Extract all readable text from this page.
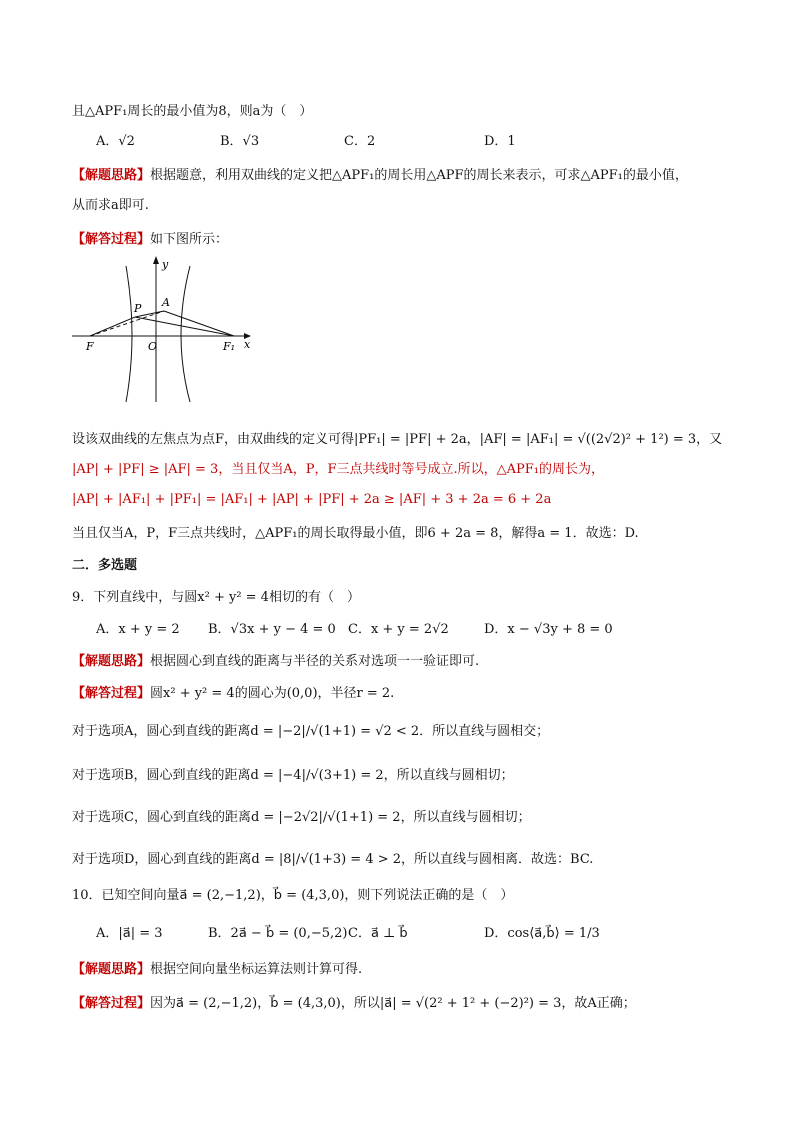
且△APF₁周长的最小值为8，则a为（　）
A．√2	B．√3	C．2	D．1
【解题思路】根据题意，利用双曲线的定义把△APF₁的周长用△APF的周长来表示，可求△APF₁的最小值，
从而求a即可.
【解答过程】如下图所示：
y
x
P A
F	O	F₁
设该双曲线的左焦点为点F，由双曲线的定义可得|PF₁| = |PF| + 2a，|AF| = |AF₁| = √((2√2)² + 1²) = 3，又
|AP| + |PF| ≥ |AF| = 3，当且仅当A，P，F三点共线时等号成立.所以，△APF₁的周长为，
|AP| + |AF₁| + |PF₁| = |AF₁| + |AP| + |PF| + 2a ≥ |AF| + 3 + 2a = 6 + 2a
当且仅当A，P，F三点共线时，△APF₁的周长取得最小值，即6 + 2a = 8，解得a = 1．故选：D.
二．多选题
9．下列直线中，与圆x² + y² = 4相切的有（　）
A．x + y = 2 B．√3x + y − 4 = 0 C．x + y = 2√2	D．x − √3y + 8 = 0
【解题思路】根据圆心到直线的距离与半径的关系对选项一一验证即可.
【解答过程】圆x² + y² = 4的圆心为(0,0)，半径r = 2.
对于选项A，圆心到直线的距离d = |−2|/√(1+1) = √2 < 2．所以直线与圆相交；
对于选项B，圆心到直线的距离d = |−4|/√(3+1) = 2，所以直线与圆相切；
对于选项C，圆心到直线的距离d = |−2√2|/√(1+1) = 2，所以直线与圆相切；
对于选项D，圆心到直线的距离d = |8|/√(1+3) = 4 > 2，所以直线与圆相离．故选：BC.
10．已知空间向量a⃗ = (2,−1,2)，b⃗ = (4,3,0)，则下列说法正确的是（　）
A．|a⃗| = 3	B．2a⃗ − b⃗ = (0,−5,2) C．a⃗ ⊥ b⃗	D．cos⟨a⃗,b⃗⟩ = 1/3
【解题思路】根据空间向量坐标运算法则计算可得.
【解答过程】因为a⃗ = (2,−1,2)，b⃗ = (4,3,0)，所以|a⃗| = √(2² + 1² + (−2)²) = 3，故A正确；
